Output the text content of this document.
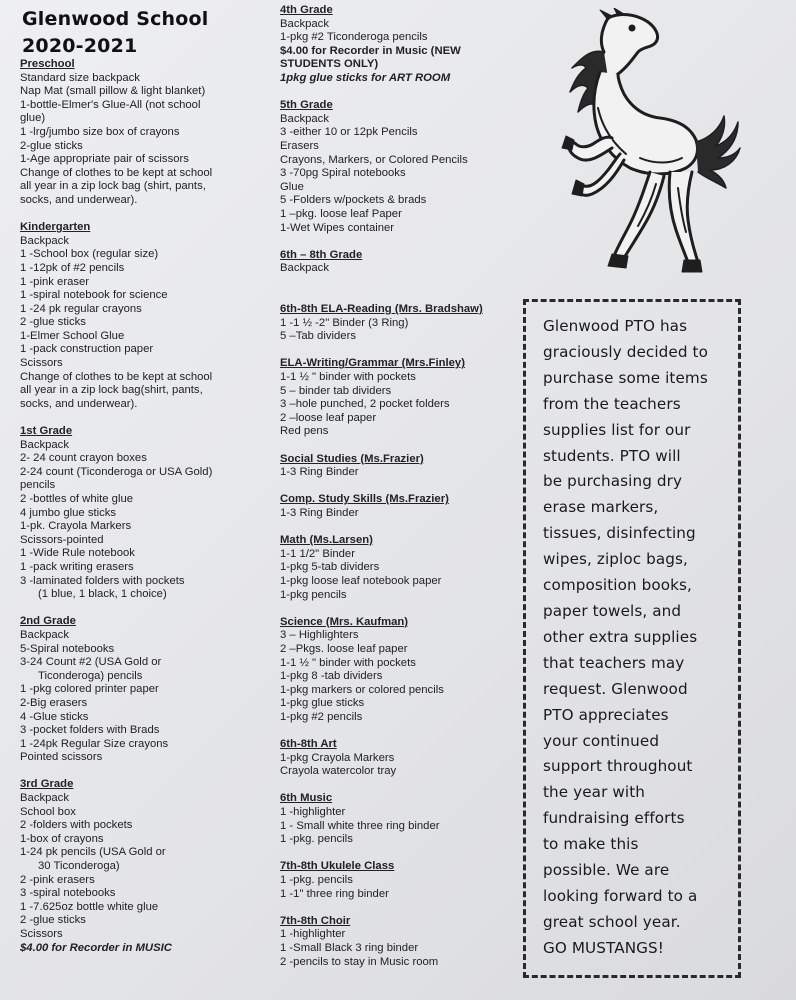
Glenwood School
2020-2021
Preschool
Standard size backpack
Nap Mat (small pillow & light blanket)
1-bottle-Elmer's Glue-All (not school
glue)
1 -lrg/jumbo size box of crayons
2-glue sticks
1-Age appropriate pair of scissors
Change of clothes to be kept at school
all year in a zip lock bag (shirt, pants,
socks, and underwear).
Kindergarten
Backpack
1 -School box (regular size)
1 -12pk of #2 pencils
1 -pink eraser
1 -spiral notebook for science
1 -24 pk regular crayons
2 -glue sticks
1-Elmer School Glue
1 -pack construction paper
Scissors
Change of clothes to be kept at school
all year in a zip lock bag(shirt, pants,
socks, and underwear).
1st Grade
Backpack
2- 24 count crayon boxes
2-24 count (Ticonderoga or USA Gold)
pencils
2 -bottles of white glue
4 jumbo glue sticks
1-pk. Crayola Markers
Scissors-pointed
1 -Wide Rule notebook
1 -pack writing erasers
3 -laminated folders with pockets
(1 blue, 1 black, 1 choice)
2nd Grade
Backpack
5-Spiral notebooks
3-24 Count #2 (USA Gold or
Ticonderoga) pencils
1 -pkg colored printer paper
2-Big erasers
4 -Glue sticks
3 -pocket folders with Brads
1 -24pk Regular Size crayons
Pointed scissors
3rd Grade
Backpack
School box
2 -folders with pockets
1-box of crayons
1-24 pk pencils (USA Gold or
30 Ticonderoga)
2 -pink erasers
3 -spiral notebooks
1 -7.625oz bottle white glue
2 -glue sticks
Scissors
$4.00 for Recorder in MUSIC
4th Grade
Backpack
1-pkg #2 Ticonderoga pencils
$4.00 for Recorder in Music (NEW
STUDENTS ONLY)
1pkg glue sticks for ART ROOM
5th Grade
Backpack
3 -either 10 or 12pk Pencils
Erasers
Crayons, Markers, or Colored Pencils
3 -70pg Spiral notebooks
Glue
5 -Folders w/pockets & brads
1 –pkg. loose leaf Paper
1-Wet Wipes container
6th – 8th Grade
Backpack
6th-8th ELA-Reading (Mrs. Bradshaw)
1 -1 ½ -2" Binder (3 Ring)
5 –Tab dividers
ELA-Writing/Grammar (Mrs.Finley)
1-1 ½ " binder with pockets
5 – binder tab dividers
3 –hole punched, 2 pocket folders
2 –loose leaf paper
Red pens
Social Studies (Ms.Frazier)
1-3 Ring Binder
Comp. Study Skills (Ms.Frazier)
1-3 Ring Binder
Math (Ms.Larsen)
1-1 1/2" Binder
1-pkg 5-tab dividers
1-pkg loose leaf notebook paper
1-pkg pencils
Science (Mrs. Kaufman)
3 – Highlighters
2 –Pkgs. loose leaf paper
1-1 ½ " binder with pockets
1-pkg 8 -tab dividers
1-pkg markers or colored pencils
1-pkg glue sticks
1-pkg #2 pencils
6th-8th Art
1-pkg Crayola Markers
Crayola watercolor tray
6th Music
1 -highlighter
1 - Small white three ring binder
1 -pkg. pencils
7th-8th Ukulele Class
1 -pkg. pencils
1 -1" three ring binder
7th-8th Choir
1 -highlighter
1 -Small Black 3 ring binder
2 -pencils to stay in Music room
Glenwood PTO has
graciously decided to
purchase some items
from the teachers
supplies list for our
students. PTO will
be purchasing dry
erase markers,
tissues, disinfecting
wipes, ziploc bags,
composition books,
paper towels, and
other extra supplies
that teachers may
request. Glenwood
PTO appreciates
your continued
support throughout
the year with
fundraising efforts
to make this
possible. We are
looking forward to a
great school year.
GO MUSTANGS!
